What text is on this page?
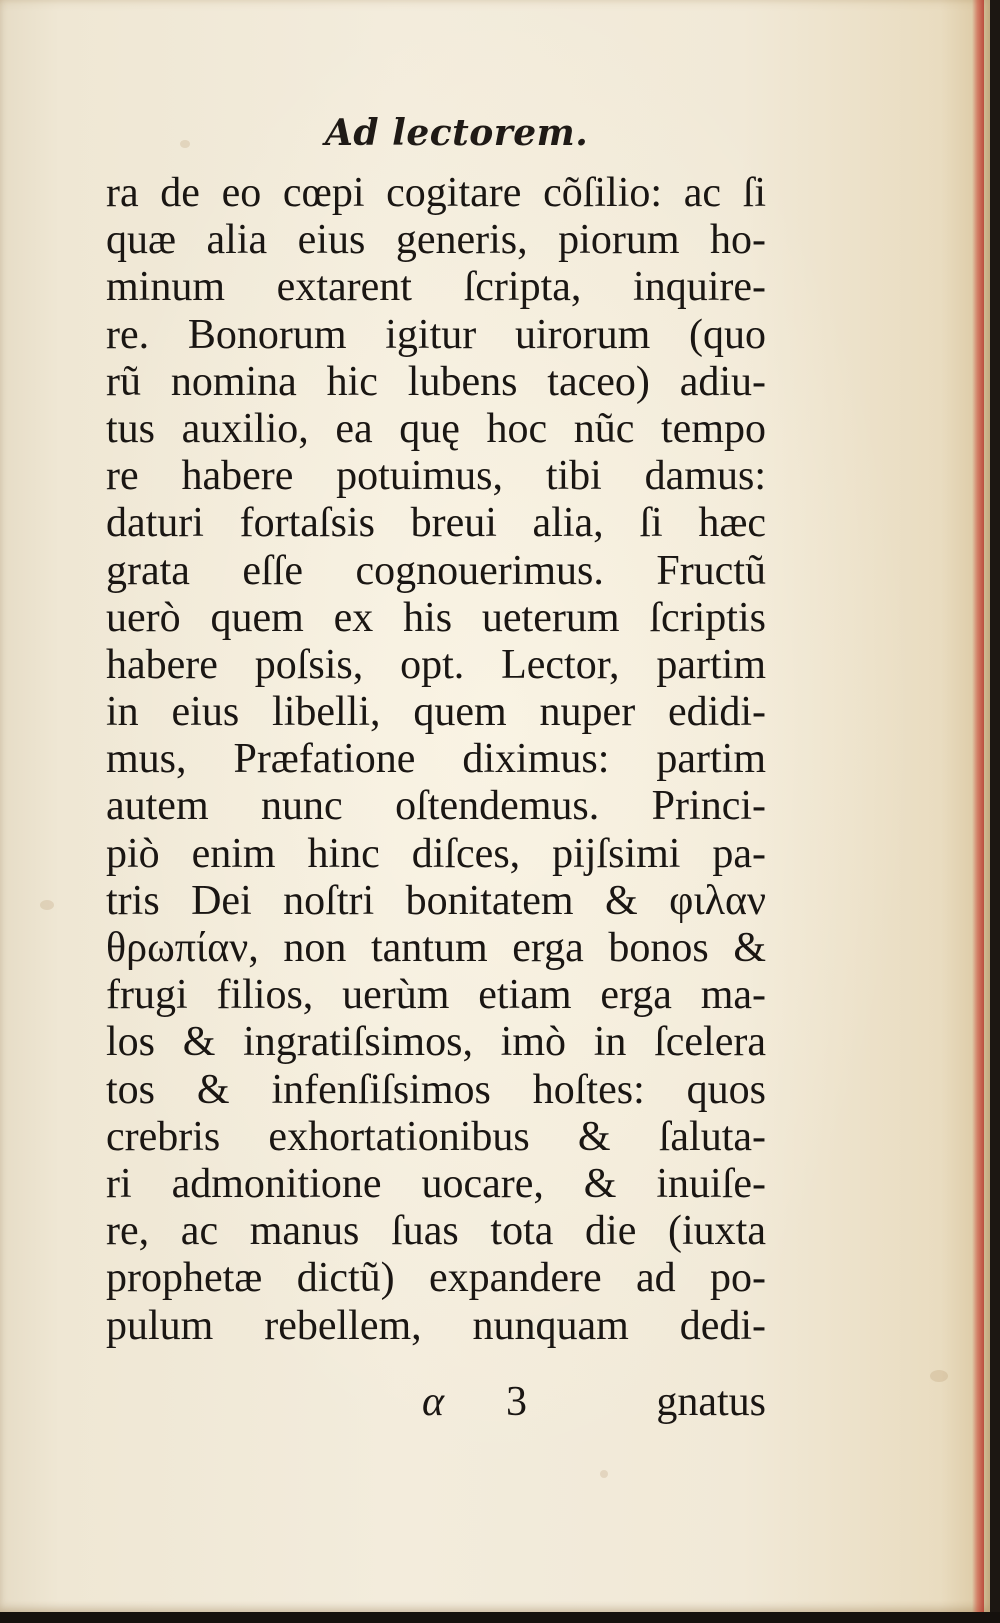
Ad lectorem.
ra de eo cœpi cogitare cõſilio: ac ſi
quæ alia eius generis, piorum ho-
minum extarent ſcripta, inquire-
re. Bonorum igitur uirorum (quo
rũ nomina hic lubens taceo) adiu-
tus auxilio, ea quę hoc nũc tempo
re habere potuimus, tibi damus:
daturi fortaſsis breui alia, ſi hæc
grata eſſe cognouerimus. Fructũ
uerò quem ex his ueterum ſcriptis
habere poſsis, opt. Lector, partim
in eius libelli, quem nuper edidi-
mus, Præfatione diximus: partim
autem nunc oſtendemus. Princi-
piò enim hinc diſces, pijſsimi pa-
tris Dei noſtri bonitatem & φιλαν
θρωπίαν, non tantum erga bonos &
frugi filios, uerùm etiam erga ma-
los & ingratiſsimos, imò in ſcelera
tos & infenſiſsimos hoſtes: quos
crebris exhortationibus & ſaluta-
ri admonitione uocare, & inuiſe-
re, ac manus ſuas tota die (iuxta
prophetæ dictũ) expandere ad po-
pulum rebellem, nunquam dedi-
α 3	gnatus
